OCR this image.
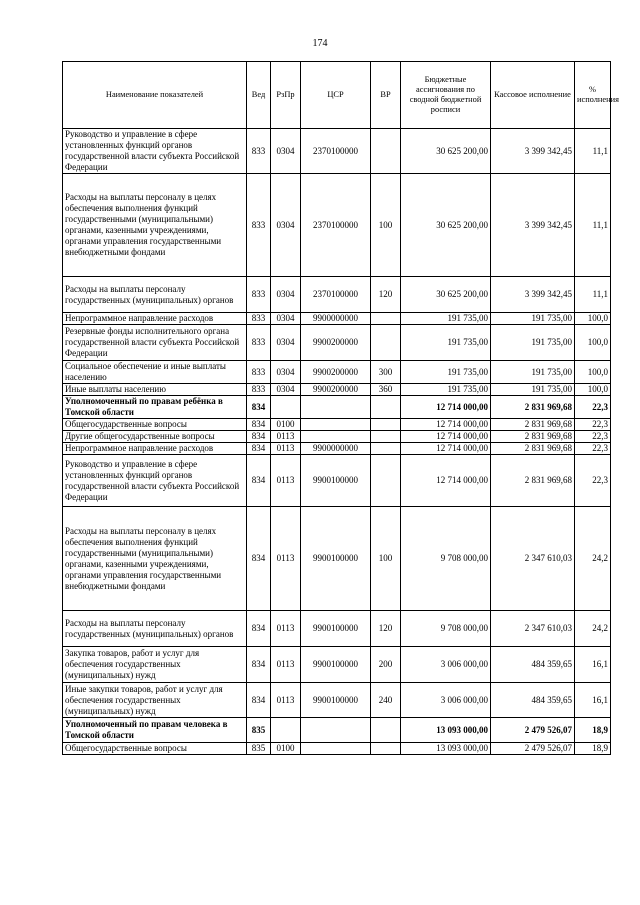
174
Наименование показателей	Вед	РзПр	ЦСР	ВР	Бюджетные ассигнования по сводной бюджетной росписи	Кассовое исполнение	% исполнения
Руководство и управление в сфере установленных функций органов государственной власти субъекта Российской Федерации	833	0304	2370100000		30 625 200,00	3 399 342,45	11,1
Расходы на выплаты персоналу в целях обеспечения выполнения функций государственными (муниципальными) органами, казенными учреждениями, органами управления государственными внебюджетными фондами	833	0304	2370100000	100	30 625 200,00	3 399 342,45	11,1
Расходы на выплаты персоналу государственных (муниципальных) органов	833	0304	2370100000	120	30 625 200,00	3 399 342,45	11,1
Непрограммное направление расходов	833	0304	9900000000		191 735,00	191 735,00	100,0
Резервные фонды исполнительного органа государственной власти субъекта Российской Федерации	833	0304	9900200000		191 735,00	191 735,00	100,0
Социальное обеспечение и иные выплаты населению	833	0304	9900200000	300	191 735,00	191 735,00	100,0
Иные выплаты населению	833	0304	9900200000	360	191 735,00	191 735,00	100,0
Уполномоченный по правам ребёнка в Томской области	834				12 714 000,00	2 831 969,68	22,3
Общегосударственные вопросы	834	0100			12 714 000,00	2 831 969,68	22,3
Другие общегосударственные вопросы	834	0113			12 714 000,00	2 831 969,68	22,3
Непрограммное направление расходов	834	0113	9900000000		12 714 000,00	2 831 969,68	22,3
Руководство и управление в сфере установленных функций органов государственной власти субъекта Российской Федерации	834	0113	9900100000		12 714 000,00	2 831 969,68	22,3
Расходы на выплаты персоналу в целях обеспечения выполнения функций государственными (муниципальными) органами, казенными учреждениями, органами управления государственными внебюджетными фондами	834	0113	9900100000	100	9 708 000,00	2 347 610,03	24,2
Расходы на выплаты персоналу государственных (муниципальных) органов	834	0113	9900100000	120	9 708 000,00	2 347 610,03	24,2
Закупка товаров, работ и услуг для обеспечения государственных (муниципальных) нужд	834	0113	9900100000	200	3 006 000,00	484 359,65	16,1
Иные закупки товаров, работ и услуг для обеспечения государственных (муниципальных) нужд	834	0113	9900100000	240	3 006 000,00	484 359,65	16,1
Уполномоченный по правам человека в Томской области	835				13 093 000,00	2 479 526,07	18,9
Общегосударственные вопросы	835	0100			13 093 000,00	2 479 526,07	18,9
